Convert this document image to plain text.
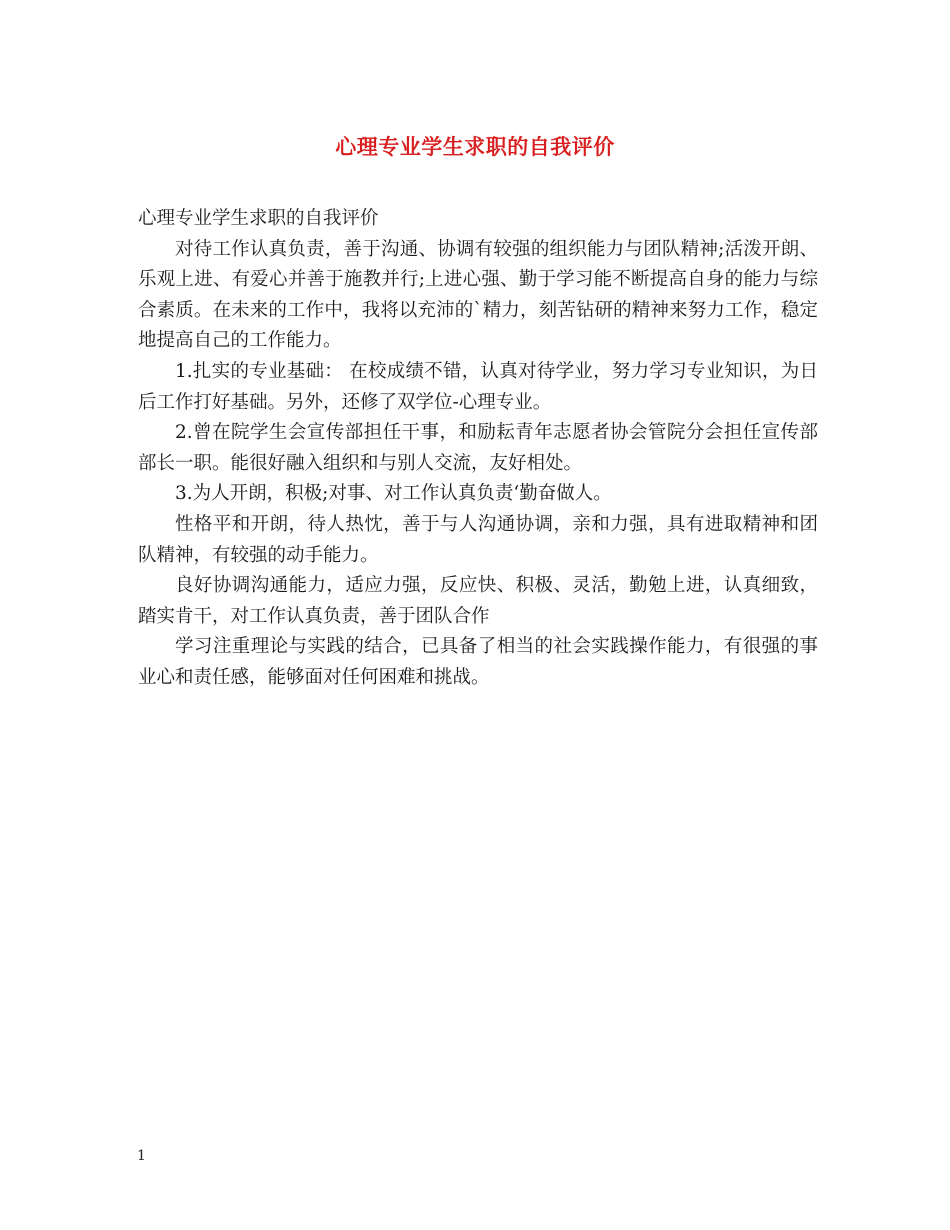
心理专业学生求职的自我评价

心理专业学生求职的自我评价

对待工作认真负责，善于沟通、协调有较强的组织能力与团队精神;活泼开朗、乐观上进、有爱心并善于施教并行;上进心强、勤于学习能不断提高自身的能力与综合素质。在未来的工作中，我将以充沛的`精力，刻苦钻研的精神来努力工作，稳定地提高自己的工作能力。

1.扎实的专业基础： 在校成绩不错，认真对待学业，努力学习专业知识，为日后工作打好基础。另外，还修了双学位-心理专业。

2.曾在院学生会宣传部担任干事，和励耘青年志愿者协会管院分会担任宣传部部长一职。能很好融入组织和与别人交流，友好相处。

3.为人开朗，积极;对事、对工作认真负责‘勤奋做人。

性格平和开朗，待人热忱，善于与人沟通协调，亲和力强，具有进取精神和团队精神，有较强的动手能力。

良好协调沟通能力，适应力强，反应快、积极、灵活，勤勉上进，认真细致，踏实肯干，对工作认真负责，善于团队合作

学习注重理论与实践的结合，已具备了相当的社会实践操作能力，有很强的事业心和责任感，能够面对任何困难和挑战。

1
